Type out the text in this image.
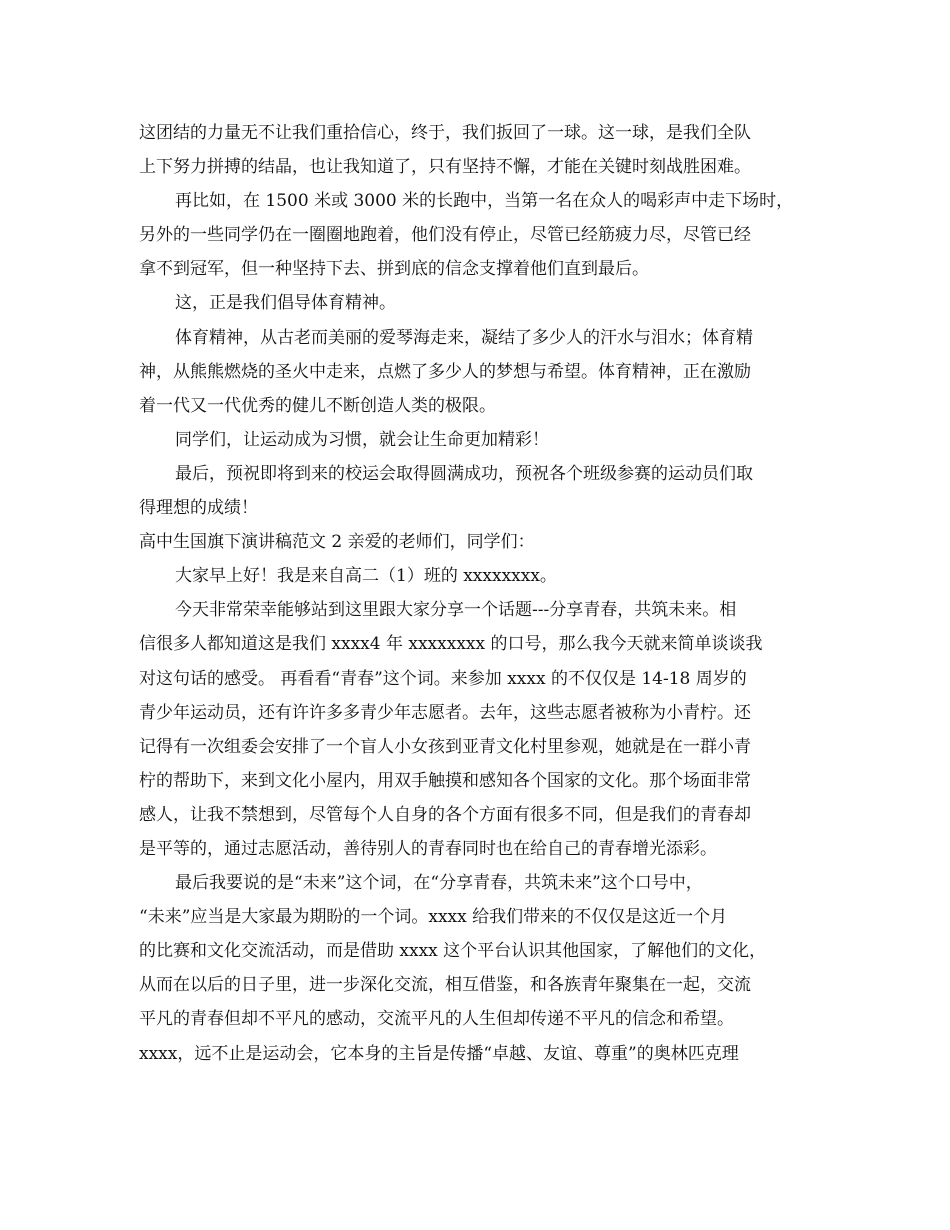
这团结的力量无不让我们重拾信心，终于，我们扳回了一球。这一球，是我们全队
上下努力拼搏的结晶，也让我知道了，只有坚持不懈，才能在关键时刻战胜困难。
再比如，在 1500 米或 3000 米的长跑中，当第一名在众人的喝彩声中走下场时，
另外的一些同学仍在一圈圈地跑着，他们没有停止，尽管已经筋疲力尽，尽管已经
拿不到冠军，但一种坚持下去、拼到底的信念支撑着他们直到最后。
这，正是我们倡导体育精神。
体育精神，从古老而美丽的爱琴海走来，凝结了多少人的汗水与泪水；体育精
神，从熊熊燃烧的圣火中走来，点燃了多少人的梦想与希望。体育精神，正在激励
着一代又一代优秀的健儿不断创造人类的极限。
同学们，让运动成为习惯，就会让生命更加精彩！
最后，预祝即将到来的校运会取得圆满成功，预祝各个班级参赛的运动员们取
得理想的成绩！
高中生国旗下演讲稿范文 2 亲爱的老师们，同学们：
大家早上好！我是来自高二（1）班的 xxxxxxxx。
今天非常荣幸能够站到这里跟大家分享一个话题---分享青春，共筑未来。相
信很多人都知道这是我们 xxxx4 年 xxxxxxxx 的口号，那么我今天就来简单谈谈我
对这句话的感受。 再看看“青春”这个词。来参加 xxxx 的不仅仅是 14-18 周岁的
青少年运动员，还有许许多多青少年志愿者。去年，这些志愿者被称为小青柠。还
记得有一次组委会安排了一个盲人小女孩到亚青文化村里参观，她就是在一群小青
柠的帮助下，来到文化小屋内，用双手触摸和感知各个国家的文化。那个场面非常
感人，让我不禁想到，尽管每个人自身的各个方面有很多不同，但是我们的青春却
是平等的，通过志愿活动，善待别人的青春同时也在给自己的青春增光添彩。
最后我要说的是“未来”这个词，在“分享青春，共筑未来”这个口号中，
“未来”应当是大家最为期盼的一个词。xxxx 给我们带来的不仅仅是这近一个月
的比赛和文化交流活动，而是借助 xxxx 这个平台认识其他国家，了解他们的文化，
从而在以后的日子里，进一步深化交流，相互借鉴，和各族青年聚集在一起，交流
平凡的青春但却不平凡的感动，交流平凡的人生但却传递不平凡的信念和希望。
xxxx，远不止是运动会，它本身的主旨是传播“卓越、友谊、尊重”的奥林匹克理
